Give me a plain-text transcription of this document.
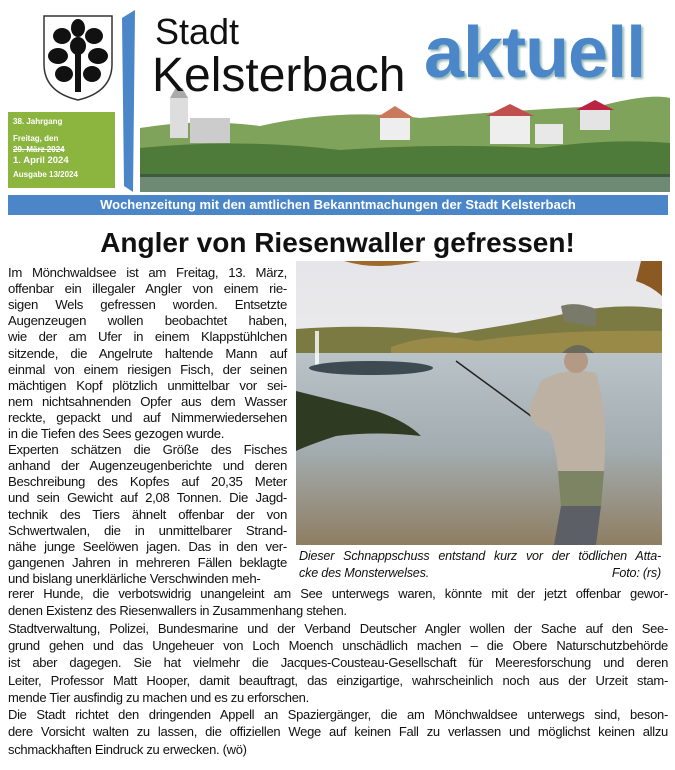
Stadt
Kelsterbach aktuell
38. Jahrgang
Freitag, den
29. März 2024
1. April 2024
Ausgabe 13/2024
Wochenzeitung mit den amtlichen Bekanntmachungen der Stadt Kelsterbach
Angler von Riesenwaller gefressen!
Im Mönchwaldsee ist am Freitag, 13. März,
offenbar ein illegaler Angler von einem rie-
sigen Wels gefressen worden. Entsetzte
Augenzeugen wollen beobachtet haben,
wie der am Ufer in einem Klappstühlchen
sitzende, die Angelrute haltende Mann auf
einmal von einem riesigen Fisch, der seinen
mächtigen Kopf plötzlich unmittelbar vor sei-
nem nichtsahnenden Opfer aus dem Wasser
reckte, gepackt und auf Nimmerwiedersehen
in die Tiefen des Sees gezogen wurde.
Experten schätzen die Größe des Fisches
anhand der Augenzeugenberichte und deren
Beschreibung des Kopfes auf 20,35 Meter
und sein Gewicht auf 2,08 Tonnen. Die Jagd-
technik des Tiers ähnelt offenbar der von
Schwertwalen, die in unmittelbarer Strand-
nähe junge Seelöwen jagen. Das in den ver-
gangenen Jahren in mehreren Fällen beklagte
und bislang unerklärliche Verschwinden meh-
rerer Hunde, die verbotswidrig unangeleint am See unterwegs waren, könnte mit der jetzt offenbar gewor-
denen Existenz des Riesenwallers in Zusammenhang stehen.
Stadtverwaltung, Polizei, Bundesmarine und der Verband Deutscher Angler wollen der Sache auf den See-
grund gehen und das Ungeheuer von Loch Moench unschädlich machen – die Obere Naturschutzbehörde
ist aber dagegen. Sie hat vielmehr die Jacques-Cousteau-Gesellschaft für Meeresforschung und deren
Leiter, Professor Matt Hooper, damit beauftragt, das einzigartige, wahrscheinlich noch aus der Urzeit stam-
mende Tier ausfindig zu machen und es zu erforschen.
Die Stadt richtet den dringenden Appell an Spaziergänger, die am Mönchwaldsee unterwegs sind, beson-
dere Vorsicht walten zu lassen, die offiziellen Wege auf keinen Fall zu verlassen und möglichst keinen allzu
schmackhaften Eindruck zu erwecken. (wö)
Dieser Schnappschuss entstand kurz vor der tödlichen Atta-
cke des Monsterwelses.	Foto: (rs)
